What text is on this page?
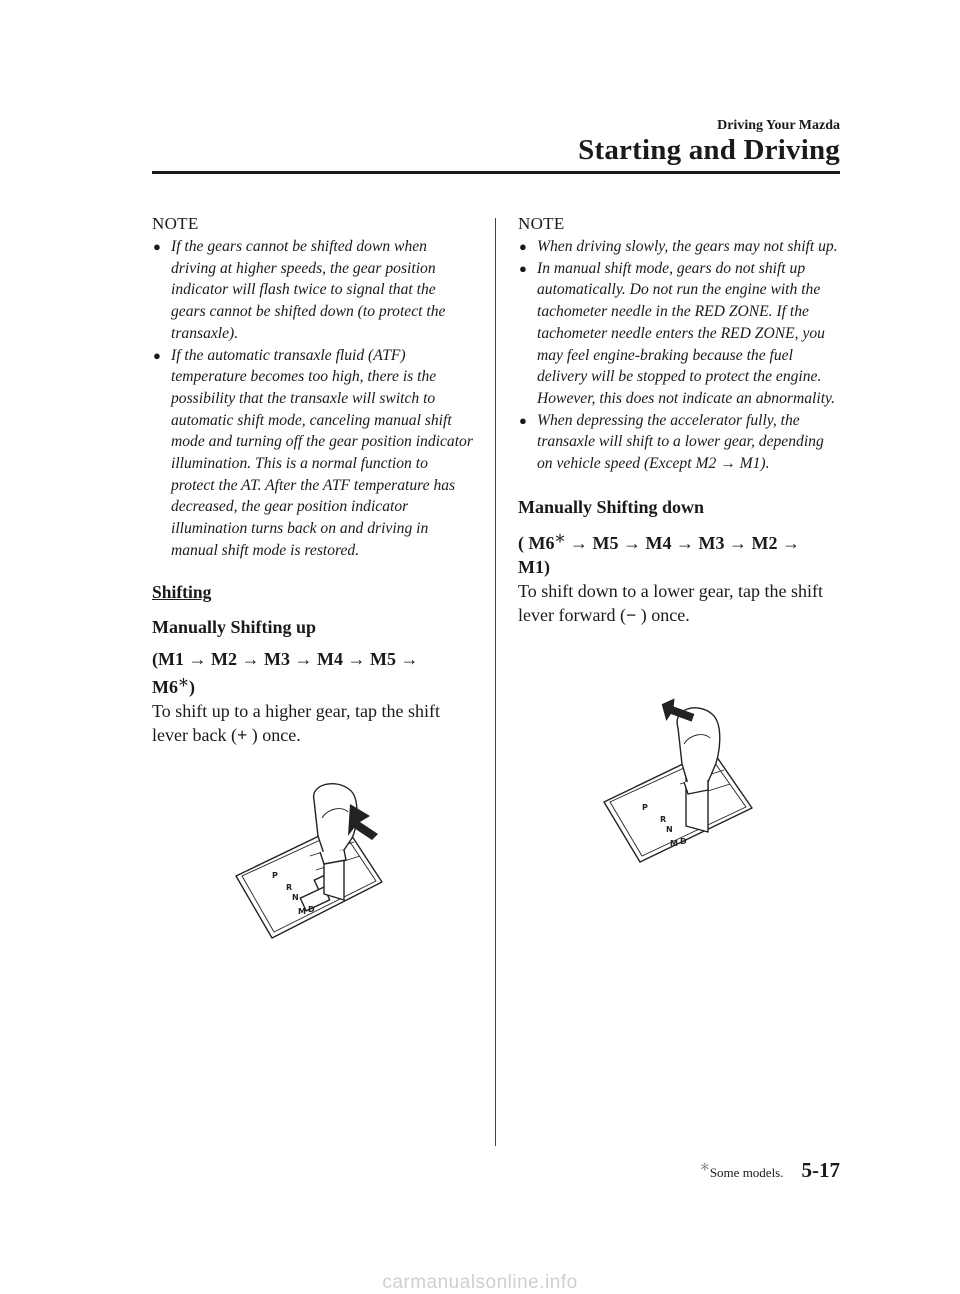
Driving Your Mazda
Starting and Driving

NOTE

● If the gears cannot be shifted down when driving at higher speeds, the gear position indicator will flash twice to signal that the gears cannot be shifted down (to protect the transaxle).
● If the automatic transaxle fluid (ATF) temperature becomes too high, there is the possibility that the transaxle will switch to automatic shift mode, canceling manual shift mode and turning off the gear position indicator illumination. This is a normal function to protect the AT. After the ATF temperature has decreased, the gear position indicator illumination turns back on and driving in manual shift mode is restored.

Shifting

Manually Shifting up

(M1 → M2 → M3 → M4 → M5 →
M6＊)

To shift up to a higher gear, tap the shift lever back (+ ) once.

P
R
N
D
M

NOTE

● When driving slowly, the gears may not shift up.
● In manual shift mode, gears do not shift up automatically. Do not run the engine with the tachometer needle in the RED ZONE. If the tachometer needle enters the RED ZONE, you may feel engine-braking because the fuel delivery will be stopped to protect the engine. However, this does not indicate an abnormality.
● When depressing the accelerator fully, the transaxle will shift to a lower gear, depending on vehicle speed (Except M2 → M1).

Manually Shifting down

( M6＊ → M5 → M4 → M3 → M2 →
M1)

To shift down to a lower gear, tap the shift lever forward (− ) once.

P
R
N
D
M
＊Some models. 5-17
carmanualsonline.info
